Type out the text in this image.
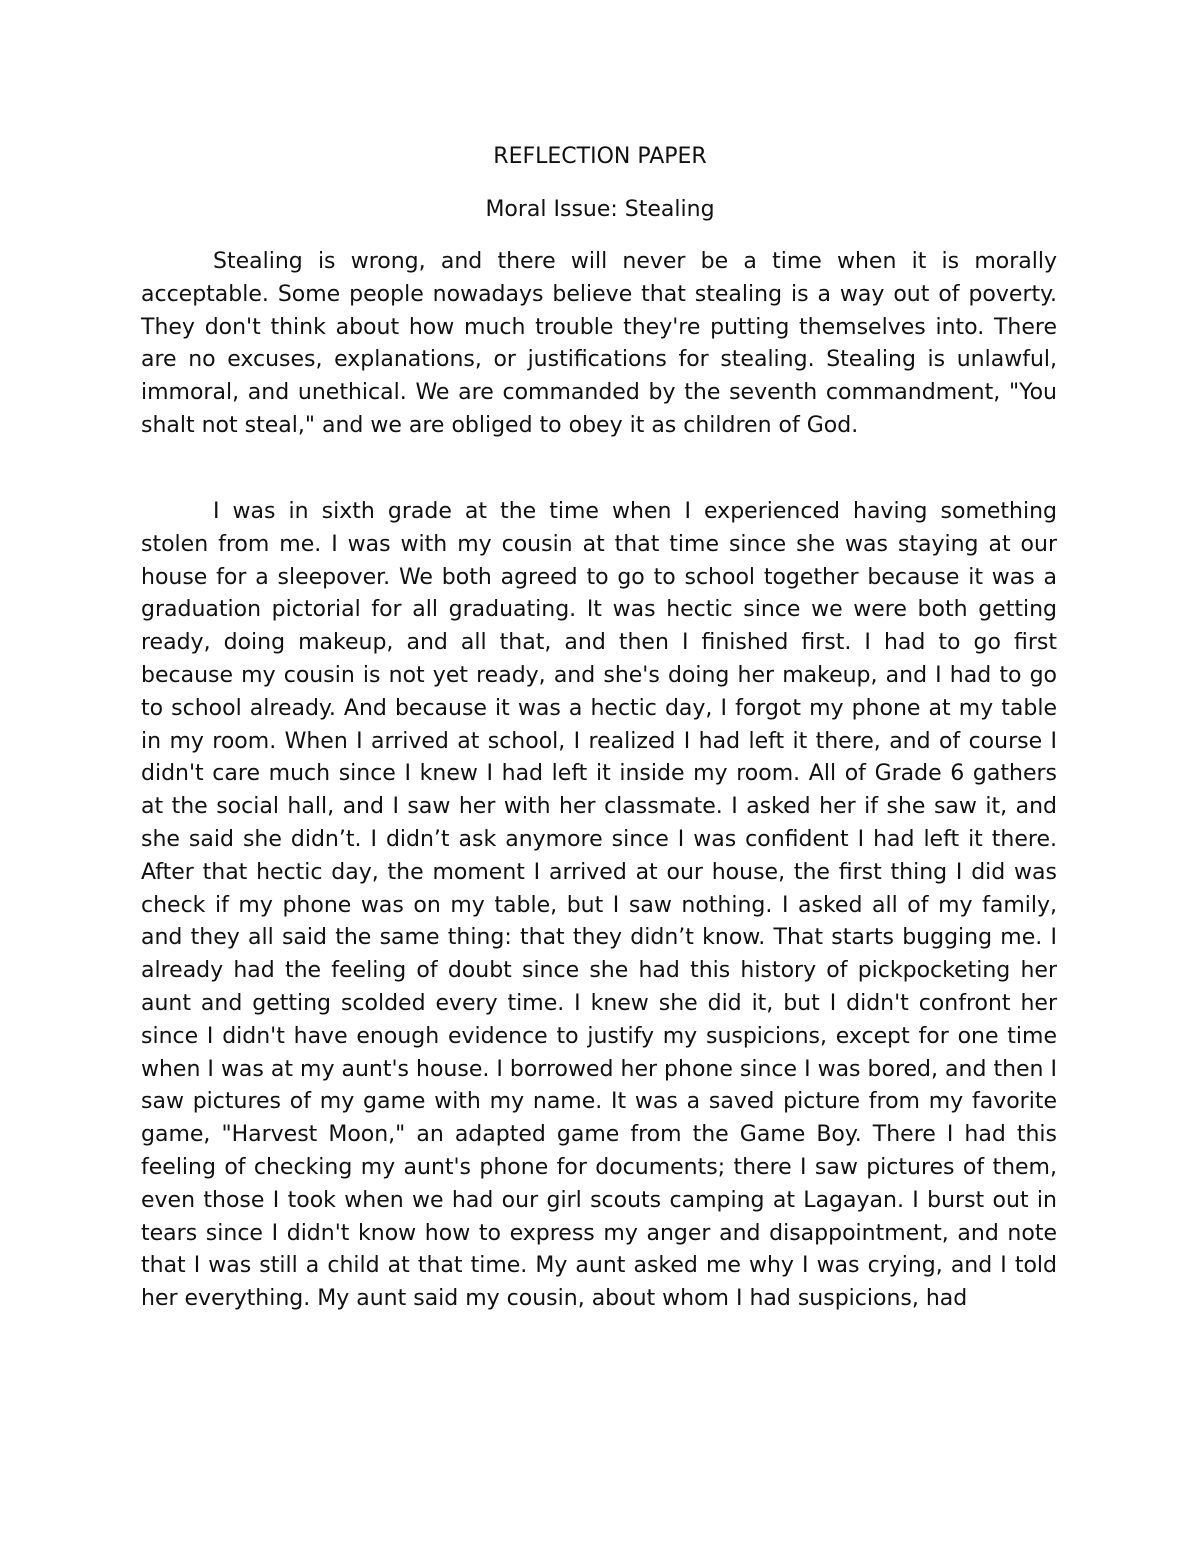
REFLECTION PAPER
Moral Issue: Stealing

Stealing is wrong, and there will never be a time when it is morally acceptable. Some people nowadays believe that stealing is a way out of poverty. They don't think about how much trouble they're putting themselves into. There are no excuses, explanations, or justifications for stealing. Stealing is unlawful, immoral, and unethical. We are commanded by the seventh commandment, "You shalt not steal," and we are obliged to obey it as children of God.

I was in sixth grade at the time when I experienced having something stolen from me. I was with my cousin at that time since she was staying at our house for a sleepover. We both agreed to go to school together because it was a graduation pictorial for all graduating. It was hectic since we were both getting ready, doing makeup, and all that, and then I finished first. I had to go first because my cousin is not yet ready, and she's doing her makeup, and I had to go to school already. And because it was a hectic day, I forgot my phone at my table in my room. When I arrived at school, I realized I had left it there, and of course I didn't care much since I knew I had left it inside my room. All of Grade 6 gathers at the social hall, and I saw her with her classmate. I asked her if she saw it, and she said she didn’t. I didn’t ask anymore since I was confident I had left it there. After that hectic day, the moment I arrived at our house, the first thing I did was check if my phone was on my table, but I saw nothing. I asked all of my family, and they all said the same thing: that they didn’t know. That starts bugging me. I already had the feeling of doubt since she had this history of pickpocketing her aunt and getting scolded every time. I knew she did it, but I didn't confront her since I didn't have enough evidence to justify my suspicions, except for one time when I was at my aunt's house. I borrowed her phone since I was bored, and then I saw pictures of my game with my name. It was a saved picture from my favorite game, "Harvest Moon," an adapted game from the Game Boy. There I had this feeling of checking my aunt's phone for documents; there I saw pictures of them, even those I took when we had our girl scouts camping at Lagayan. I burst out in tears since I didn't know how to express my anger and disappointment, and note that I was still a child at that time. My aunt asked me why I was crying, and I told her everything. My aunt said my cousin, about whom I had suspicions, had
